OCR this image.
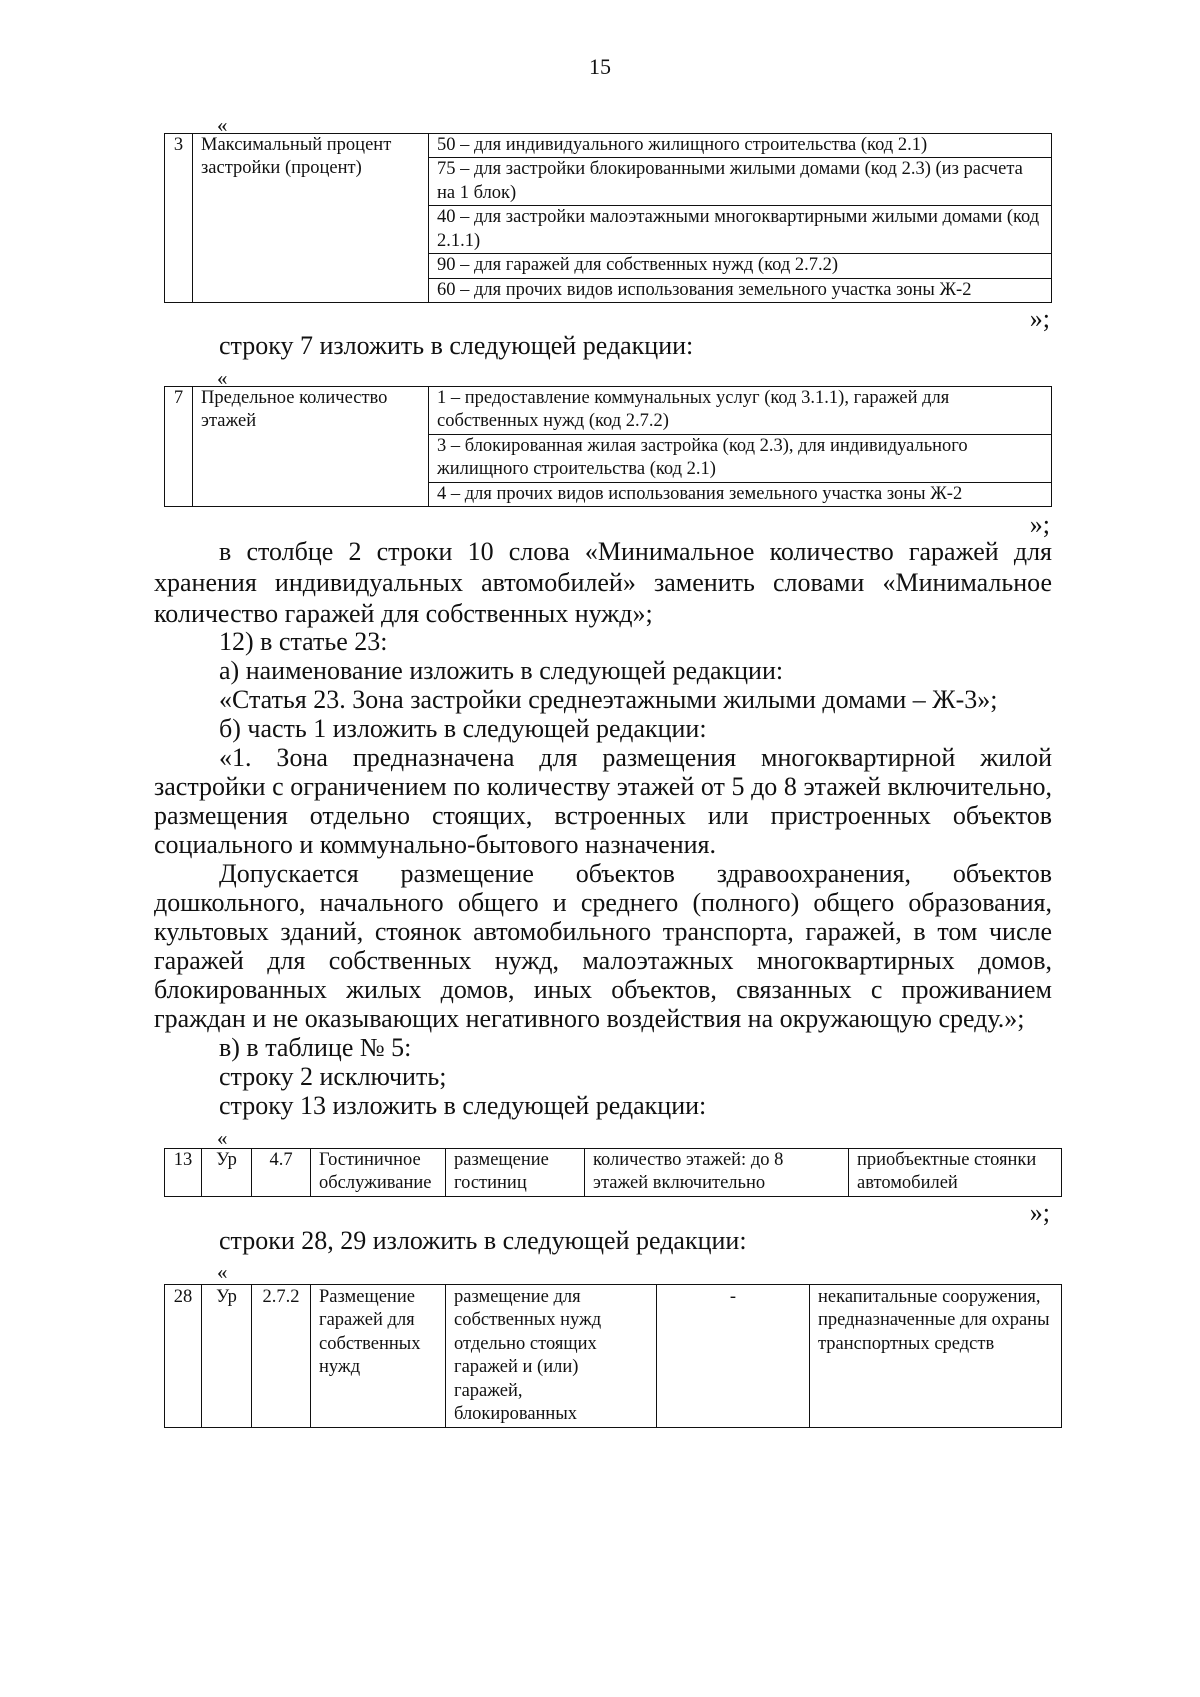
15
«
3	Максимальный процент застройки (процент)	50 – для индивидуального жилищного строительства (код 2.1)
75 – для застройки блокированными жилыми домами (код 2.3) (из расчета на 1 блок)
40 – для застройки малоэтажными многоквартирными жилыми домами (код 2.1.1)
90 – для гаражей для собственных нужд (код 2.7.2)
60 – для прочих видов использования земельного участка зоны Ж-2
»;
строку 7 изложить в следующей редакции:
«
7	Предельное количество этажей	1 – предоставление коммунальных услуг (код 3.1.1), гаражей для собственных нужд (код 2.7.2)
3 – блокированная жилая застройка (код 2.3), для индивидуального жилищного строительства (код 2.1)
4 – для прочих видов использования земельного участка зоны Ж-2
»;
в столбце 2 строки 10 слова «Минимальное количество гаражей для
хранения индивидуальных автомобилей» заменить словами «Минимальное
количество гаражей для собственных нужд»;
12) в статье 23:
а) наименование изложить в следующей редакции:
«Статья 23. Зона застройки среднеэтажными жилыми домами – Ж-3»;
б) часть 1 изложить в следующей редакции:
«1. Зона предназначена для размещения многоквартирной жилой
застройки с ограничением по количеству этажей от 5 до 8 этажей включительно,
размещения отдельно стоящих, встроенных или пристроенных объектов
социального и коммунально-бытового назначения.
Допускается размещение объектов здравоохранения, объектов
дошкольного, начального общего и среднего (полного) общего образования,
культовых зданий, стоянок автомобильного транспорта, гаражей, в том числе
гаражей для собственных нужд, малоэтажных многоквартирных домов,
блокированных жилых домов, иных объектов, связанных с проживанием
граждан и не оказывающих негативного воздействия на окружающую среду.»;
в) в таблице № 5:
строку 2 исключить;
строку 13 изложить в следующей редакции:
«
13	Ур	4.7	Гостиничное обслуживание	размещение гостиниц	количество этажей: до 8 этажей включительно	приобъектные стоянки автомобилей
»;
строки 28, 29 изложить в следующей редакции:
«
28	Ур	2.7.2	Размещение гаражей для собственных нужд	размещение для собственных нужд отдельно стоящих гаражей и (или) гаражей, блокированных	-	некапитальные сооружения, предназначенные для охраны транспортных средств
